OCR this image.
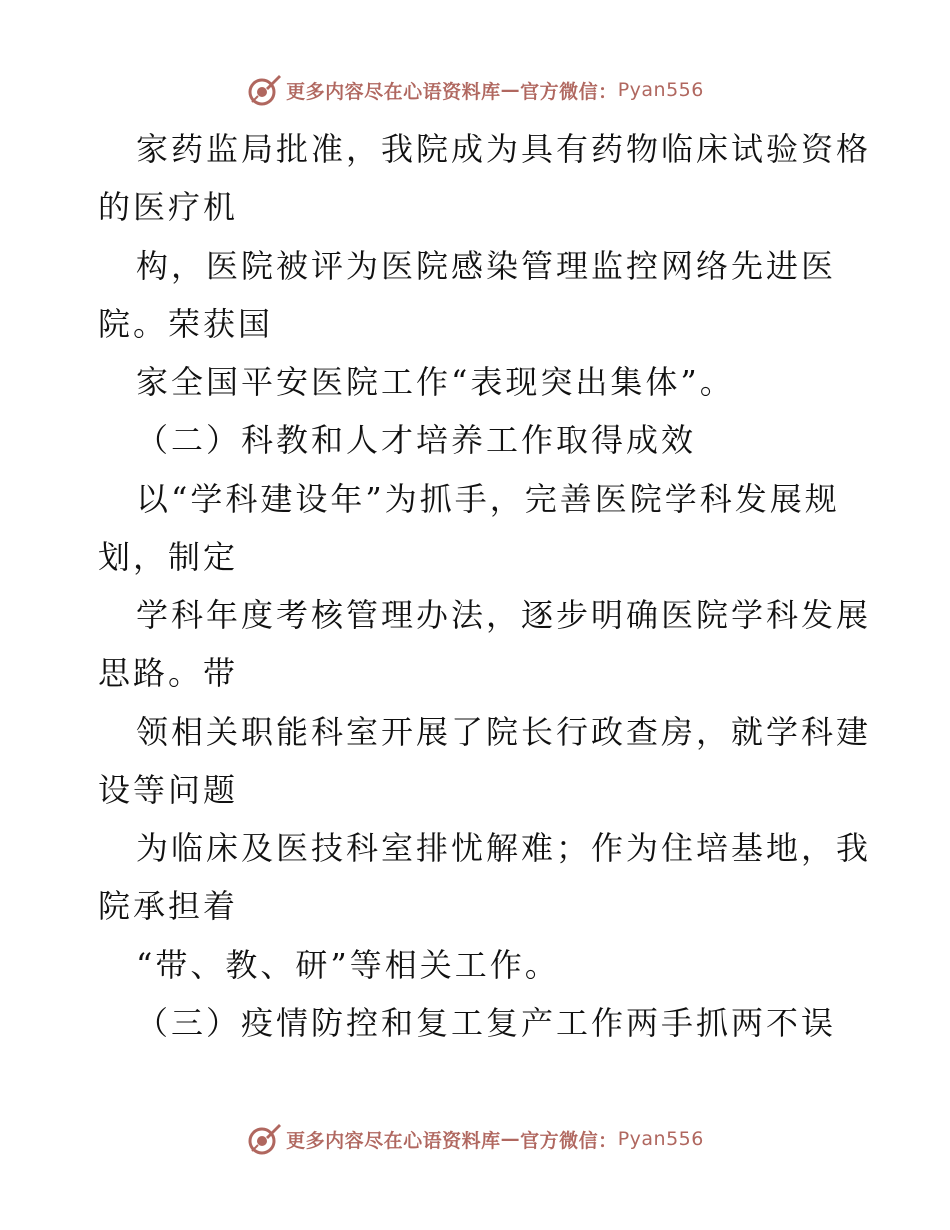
更多内容尽在心语资料库 — 官方微信： Pyan556
家药监局批准，我院成为具有药物临床试验资格
的医疗机
构，医院被评为医院感染管理监控网络先进医
院。荣获国
家全国平安医院工作“表现突出集体”。
（二）科教和人才培养工作取得成效
以“学科建设年”为抓手，完善医院学科发展规
划，制定
学科年度考核管理办法，逐步明确医院学科发展
思路。带
领相关职能科室开展了院长行政查房，就学科建
设等问题
为临床及医技科室排忧解难；作为住培基地，我
院承担着
“带、教、研”等相关工作。
（三）疫情防控和复工复产工作两手抓两不误
更多内容尽在心语资料库 — 官方微信： Pyan556
